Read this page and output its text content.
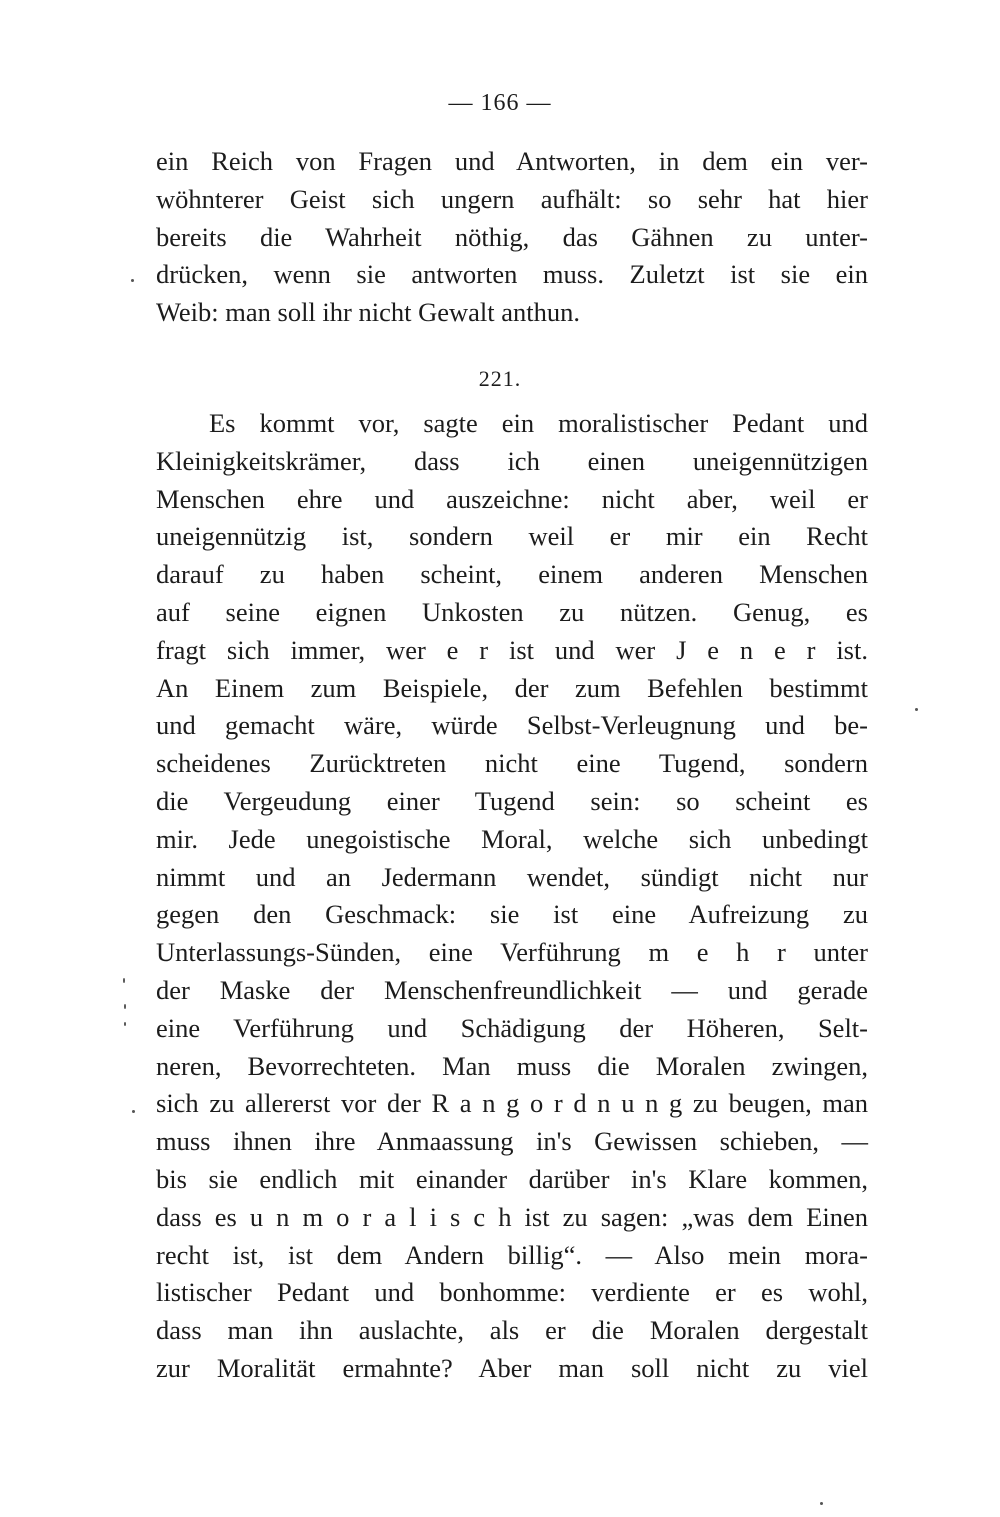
— 166 —
ein Reich von Fragen und Antworten, in dem ein ver-
wöhnterer Geist sich ungern aufhält: so sehr hat hier
bereits die Wahrheit nöthig, das Gähnen zu unter-
drücken, wenn sie antworten muss. Zuletzt ist sie ein
Weib: man soll ihr nicht Gewalt anthun.
221.
Es kommt vor, sagte ein moralistischer Pedant und
Kleinigkeitskrämer, dass ich einen uneigennützigen
Menschen ehre und auszeichne: nicht aber, weil er
uneigennützig ist, sondern weil er mir ein Recht
darauf zu haben scheint, einem anderen Menschen
auf seine eignen Unkosten zu nützen. Genug, es
fragt sich immer, wer e r ist und wer J e n e r ist.
An Einem zum Beispiele, der zum Befehlen bestimmt
und gemacht wäre, würde Selbst-Verleugnung und be-
scheidenes Zurücktreten nicht eine Tugend, sondern
die Vergeudung einer Tugend sein: so scheint es
mir. Jede unegoistische Moral, welche sich unbedingt
nimmt und an Jedermann wendet, sündigt nicht nur
gegen den Geschmack: sie ist eine Aufreizung zu
Unterlassungs-Sünden, eine Verführung m e h r unter
der Maske der Menschenfreundlichkeit — und gerade
eine Verführung und Schädigung der Höheren, Selt-
neren, Bevorrechteten. Man muss die Moralen zwingen,
sich zu allererst vor der R a n g o r d n u n g zu beugen, man
muss ihnen ihre Anmaassung in's Gewissen schieben, —
bis sie endlich mit einander darüber in's Klare kommen,
dass es u n m o r a l i s c h ist zu sagen: „was dem Einen
recht ist, ist dem Andern billig“. — Also mein mora-
listischer Pedant und bonhomme: verdiente er es wohl,
dass man ihn auslachte, als er die Moralen dergestalt
zur Moralität ermahnte? Aber man soll nicht zu viel
